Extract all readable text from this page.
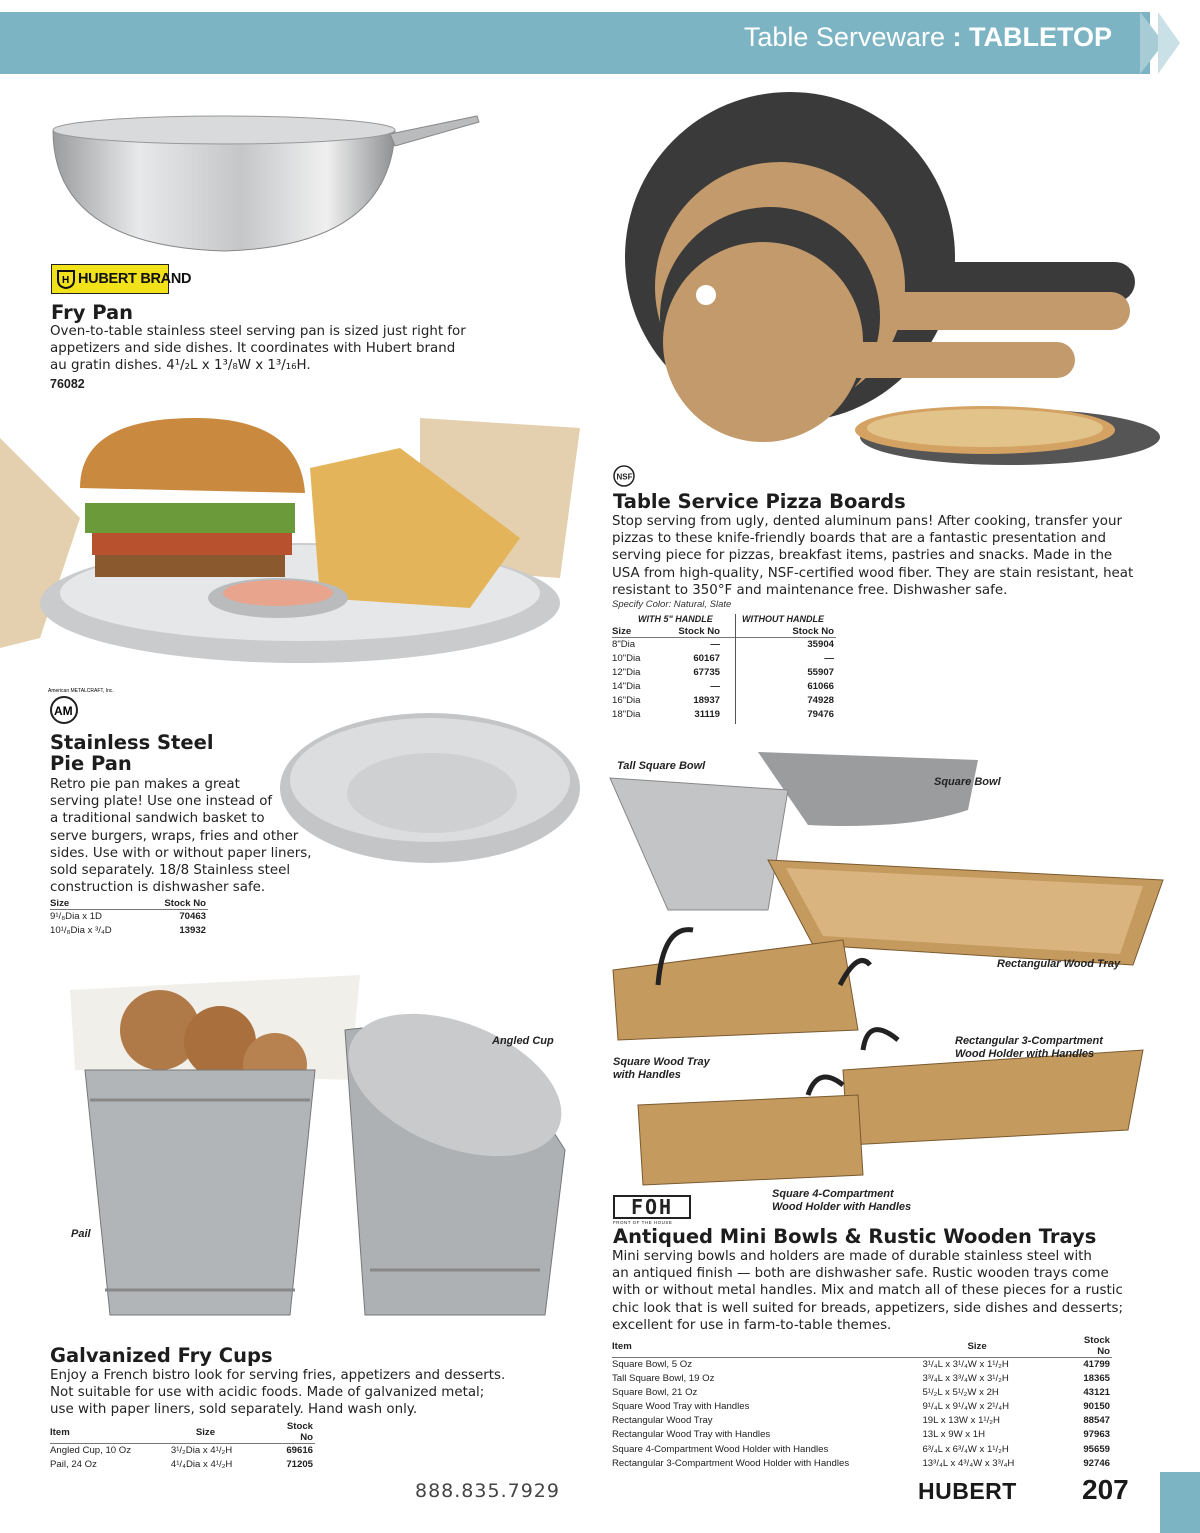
Table Serveware : TABLETOP
H HUBERT BRAND
Fry Pan
Oven-to-table stainless steel serving pan is sized just right for
appetizers and side dishes. It coordinates with Hubert brand
au gratin dishes. 4¹/₂L x 1³/₈W x 1³/₁₆H.
76082
NSF
Table Service Pizza Boards
Stop serving from ugly, dented aluminum pans! After cooking, transfer your
pizzas to these knife-friendly boards that are a fantastic presentation and
serving piece for pizzas, breakfast items, pastries and snacks. Made in the
USA from high-quality, NSF-certified wood fiber. They are stain resistant, heat
resistant to 350°F and maintenance free. Dishwasher safe.
Specify Color: Natural, Slate
WITH 5" HANDLE	WITHOUT HANDLE
Size	Stock No	Stock No
8"Dia	—	35904
10"Dia	60167	—
12"Dia	67735	55907
14"Dia	—	61066
16"Dia	18937	74928
18"Dia	31119	79476
AM
American METALCRAFT, Inc.
Stainless Steel
Pie Pan
Retro pie pan makes a great
serving plate! Use one instead of
a traditional sandwich basket to
serve burgers, wraps, fries and other
sides. Use with or without paper liners,
sold separately. 18/8 Stainless steel
construction is dishwasher safe.
Size	Stock No
9¹/₈Dia x 1D	70463
10¹/₈Dia x ³/₄D	13932
Tall Square Bowl
Square Bowl
Rectangular Wood Tray
Rectangular 3-Compartment
Wood Holder with Handles
Square Wood Tray
with Handles
Square 4-Compartment
Wood Holder with Handles
FOH
FRONT OF THE HOUSE
Antiqued Mini Bowls & Rustic Wooden Trays
Mini serving bowls and holders are made of durable stainless steel with
an antiqued finish — both are dishwasher safe. Rustic wooden trays come
with or without metal handles. Mix and match all of these pieces for a rustic
chic look that is well suited for breads, appetizers, side dishes and desserts;
excellent for use in farm-to-table themes.
Item	Size	Stock No
Square Bowl, 5 Oz	3¹/₄L x 3¹/₄W x 1¹/₂H	41799
Tall Square Bowl, 19 Oz	3³/₄L x 3³/₄W x 3¹/₂H	18365
Square Bowl, 21 Oz	5¹/₂L x 5¹/₂W x 2H	43121
Square Wood Tray with Handles	9¹/₄L x 9¹/₄W x 2¹/₄H	90150
Rectangular Wood Tray	19L x 13W x 1¹/₂H	88547
Rectangular Wood Tray with Handles	13L x 9W x 1H	97963
Square 4-Compartment Wood Holder with Handles	6³/₄L x 6³/₄W x 1¹/₂H	95659
Rectangular 3-Compartment Wood Holder with Handles	13³/₄L x 4³/₄W x 3³/₄H	92746
Angled Cup
Pail
Galvanized Fry Cups
Enjoy a French bistro look for serving fries, appetizers and desserts.
Not suitable for use with acidic foods. Made of galvanized metal;
use with paper liners, sold separately. Hand wash only.
Item	Size	Stock No
Angled Cup, 10 Oz	3¹/₂Dia x 4¹/₂H	69616
Pail, 24 Oz	4¹/₄Dia x 4¹/₂H	71205
888.835.7929	HUBERT 207
